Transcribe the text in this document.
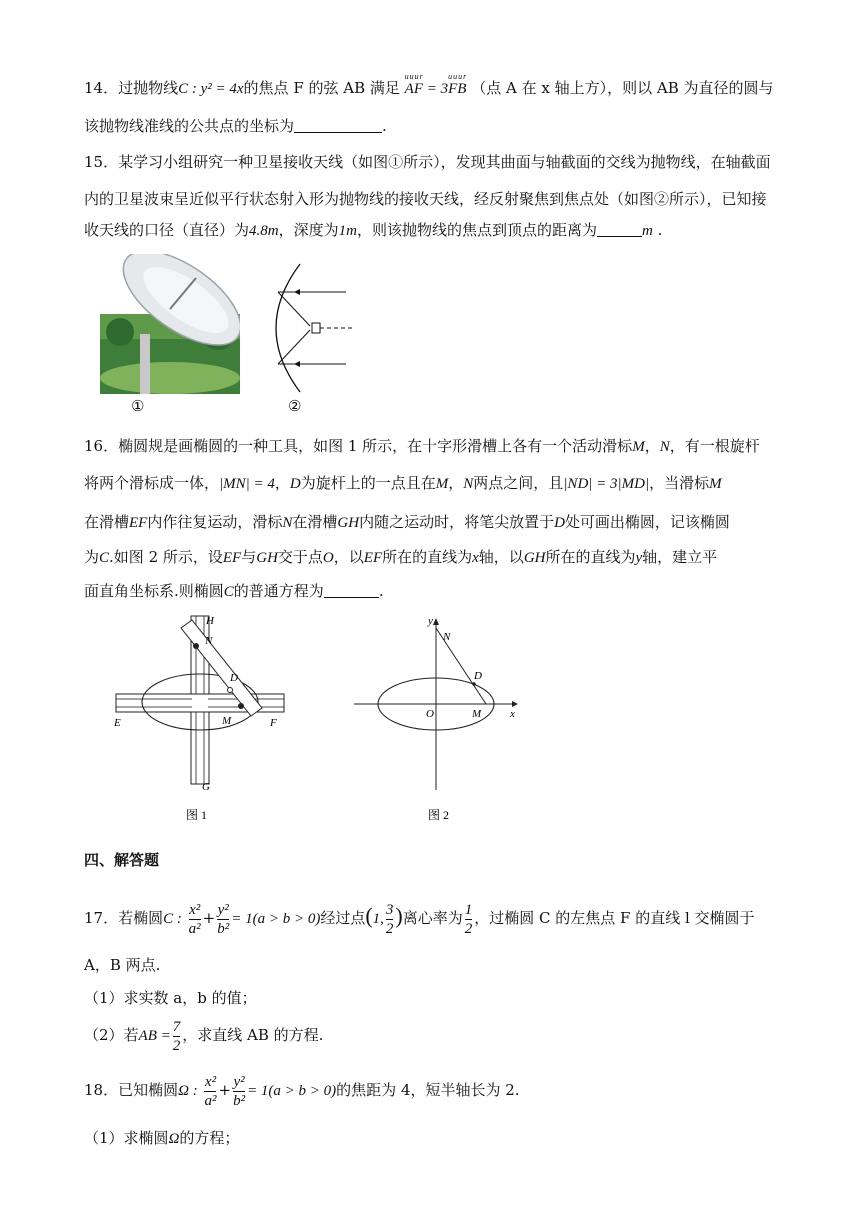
14．过抛物线C : y² = 4x的焦点 F 的弦 AB 满足
uuur
AF = 3
uuur
FB （点 A 在 x 轴上方），则以 AB 为直径的圆与
该抛物线准线的公共点的坐标为	.
15．某学习小组研究一种卫星接收天线（如图①所示），发现其曲面与轴截面的交线为抛物线，在轴截面
内的卫星波束呈近似平行状态射入形为抛物线的接收天线，经反射聚焦到焦点处（如图②所示），已知接
收天线的口径（直径）为4.8m，深度为1m，则该抛物线的焦点到顶点的距离为	m .
①	②
16．椭圆规是画椭圆的一种工具，如图 1 所示，在十字形滑槽上各有一个活动滑标M，N，有一根旋杆
将两个滑标成一体，|MN| = 4，D为旋杆上的一点且在M，N两点之间，且|ND| = 3|MD|，当滑标M
在滑槽EF内作往复运动，滑标N在滑槽GH内随之运动时，将笔尖放置于D处可画出椭圆，记该椭圆
为C.如图 2 所示，设EF与GH交于点O，以EF所在的直线为x轴，以GH所在的直线为y轴，建立平
面直角坐标系.则椭圆C的普通方程为	.
H
N
D
E	M	F
G
图 1
y
N
D
O	M	x
图 2
四、解答题
17．若椭圆C : $\frac{\text{x²}}{\text{a²}} + \frac{\text{y²}}{\text{b²}} = 1(a > b > 0)$经过点(1, $\frac{3}{2}$ )离心率为 $\frac{1}{2}$ ，过椭圆 C 的左焦点 F 的直线 l 交椭圆于
A，B 两点.
（1）求实数 a，b 的值；
（2）若AB = $\frac{7}{2}$ ，求直线 AB 的方程.
18．已知椭圆Ω : $\frac{\text{x²}}{\text{a²}} + \frac{\text{y²}}{\text{b²}} = 1(a > b > 0)$的焦距为 4，短半轴长为 2.
（1）求椭圆Ω的方程；
